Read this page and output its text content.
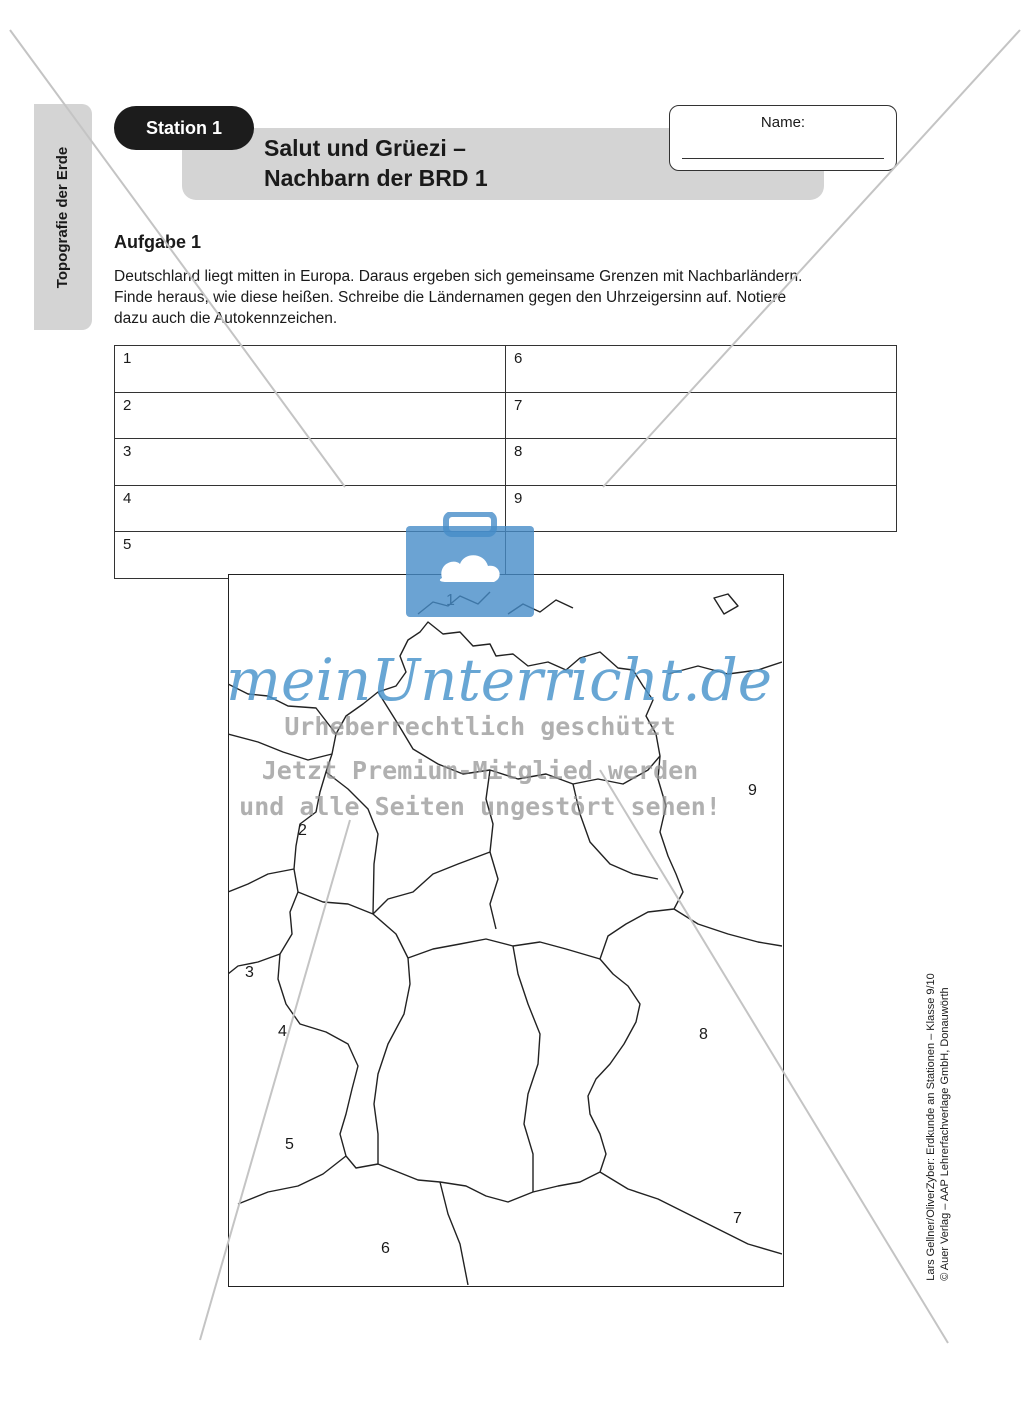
Topografie der Erde
Station 1
Salut und Grüezi –
Nachbarn der BRD 1
Name:
Aufgabe 1
Deutschland liegt mitten in Europa. Daraus ergeben sich gemeinsame Grenzen mit Nachbarländern.
Finde heraus, wie diese heißen. Schreibe die Ländernamen gegen den Uhrzeigersinn auf. Notiere
dazu auch die Autokennzeichen.
1	6
2	7
3	8
4	9
5	
2
3
4
5
6
7
8
9
Lars Gellner/OliverZyber: Erdkunde an Stationen – Klasse 9/10 © Auer Verlag – AAP Lehrerfachverlage GmbH, Donauwörth
meinUnterricht.de
Urheberrechtlich geschützt
Jetzt Premium-Mitglied werden
und alle Seiten ungestört sehen!
